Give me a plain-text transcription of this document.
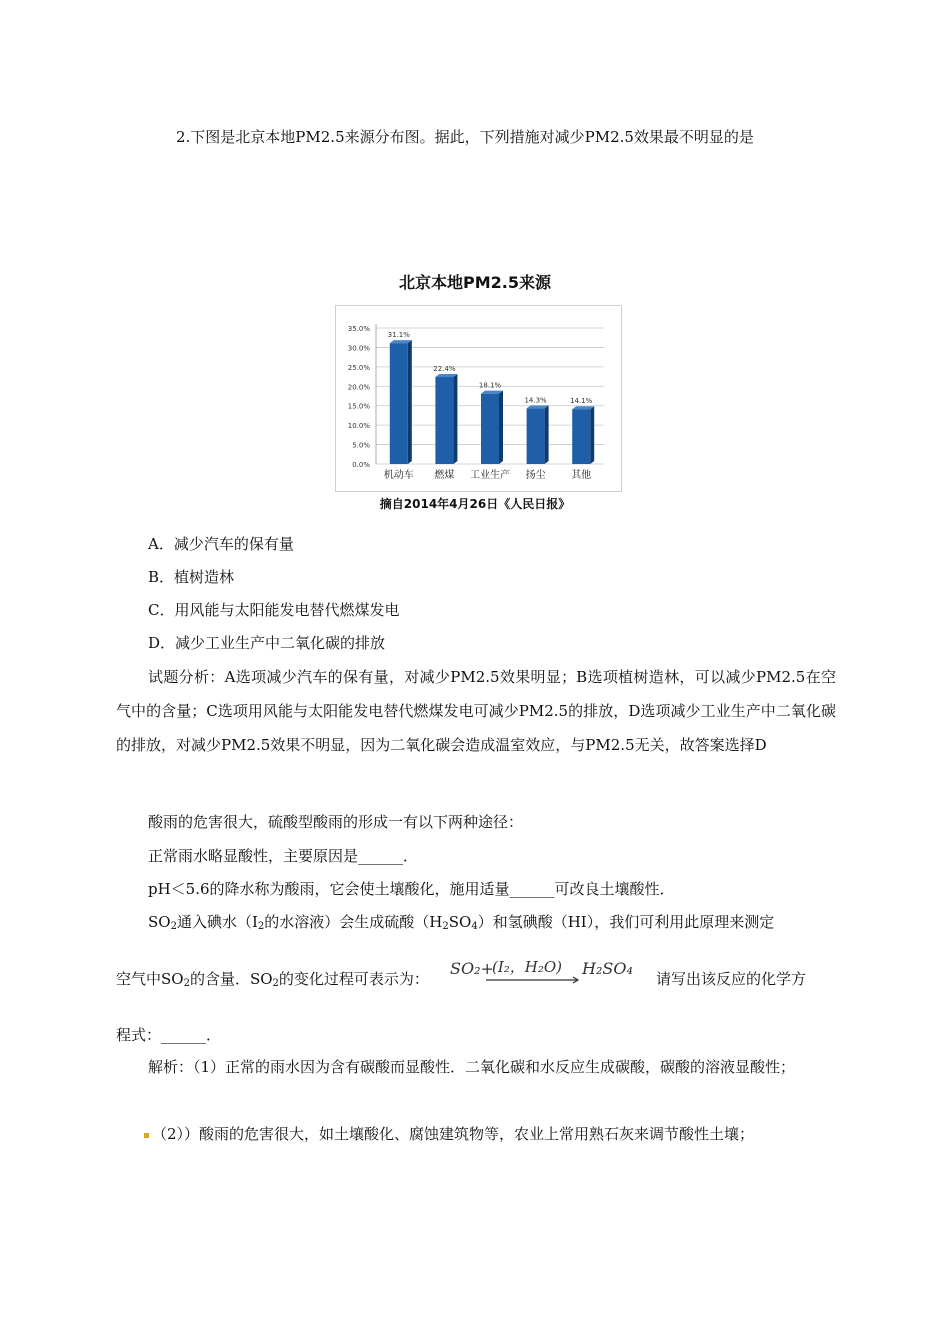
2.下图是北京本地PM2.5来源分布图。据此，下列措施对减少PM2.5效果最不明显的是
北京本地PM2.5来源
0.0%
5.0%
10.0%
15.0%
20.0%
25.0%
30.0%
35.0%
31.1%
机动车
22.4%
燃煤
18.1%
工业生产
14.3%
扬尘
14.1%
其他
摘自2014年4月26日《人民日报》
A．减少汽车的保有量
B．植树造林
C．用风能与太阳能发电替代燃煤发电
D．减少工业生产中二氧化碳的排放
试题分析：A选项减少汽车的保有量，对减少PM2.5效果明显；B选项植树造林，可以减少PM2.5在空气中的含量；C选项用风能与太阳能发电替代燃煤发电可减少PM2.5的排放，D选项减少工业生产中二氧化碳的排放，对减少PM2.5效果不明显，因为二氧化碳会造成温室效应，与PM2.5无关，故答案选择D
酸雨的危害很大，硫酸型酸雨的形成一有以下两种途径：
正常雨水略显酸性，主要原因是______．
pH＜5.6的降水称为酸雨，它会使土壤酸化，施用适量______可改良土壤酸性．
$SO_2$通入碘水（$I_2$的水溶液）会生成硫酸$(H_2SO_4)$和氢碘酸（HI），我们可利用此原理来测定
空气中$SO_2$的含量．$SO_2$的变化过程可表示为：
SO₂+
(I₂，H₂O) H₂SO₄
请写出该反应的化学方
程式：______．
解析：（1）正常的雨水因为含有碳酸而显酸性．二氧化碳和水反应生成碳酸，碳酸的溶液显酸性；
（2））酸雨的危害很大，如土壤酸化、腐蚀建筑物等，农业上常用熟石灰来调节酸性土壤；
